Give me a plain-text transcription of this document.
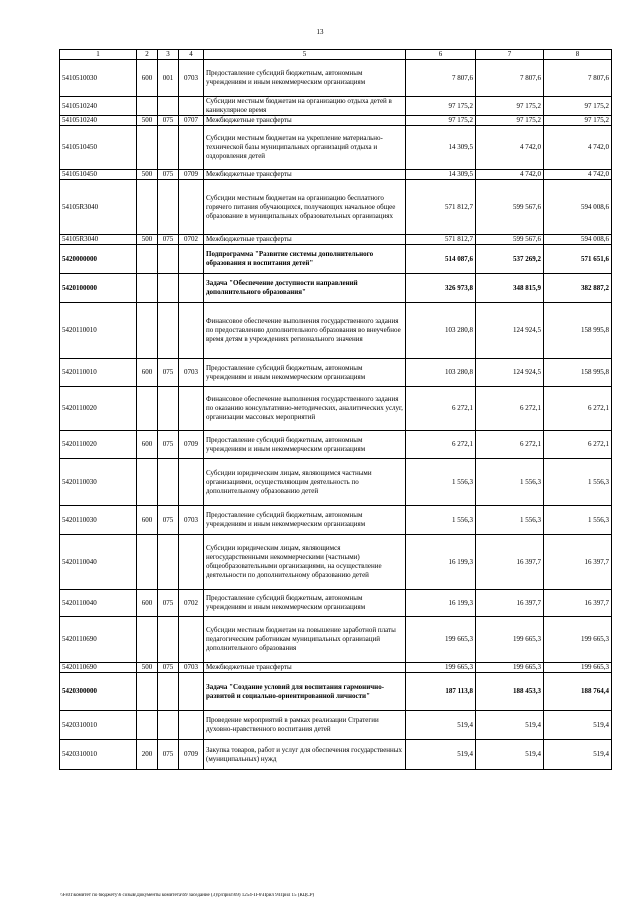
13
1	2	3	4	5	6	7	8
5410510030	600	001	0703	Предоставление субсидий бюджетным, автономным учреждениям и иным некоммерческим организациям	7 807,6	7 807,6	7 807,6
5410510240				Субсидии местным бюджетам на организацию отдыха детей в каникулярное время	97 175,2	97 175,2	97 175,2
5410510240	500	075	0707	Межбюджетные трансферты	97 175,2	97 175,2	97 175,2
5410510450				Субсидии местным бюджетам на укрепление материально-технической базы муниципальных организаций отдыха и оздоровления детей	14 309,5	4 742,0	4 742,0
5410510450	500	075	0709	Межбюджетные трансферты	14 309,5	4 742,0	4 742,0
54105R3040				Субсидии местным бюджетам на организацию бесплатного горячего питания обучающихся, получающих начальное общее образование в муниципальных образовательных организациях	571 812,7	599 567,6	594 008,6
54105R3040	500	075	0702	Межбюджетные трансферты	571 812,7	599 567,6	594 008,6
5420000000				Подпрограмма "Развитие системы дополнительного образования и воспитания детей"	514 087,6	537 269,2	571 651,6
5420100000				Задача "Обеспечение доступности направлений дополнительного образования"	326 973,8	348 815,9	382 887,2
5420110010				Финансовое обеспечение выполнения государственного задания по предоставлению дополнительного образования во внеучебное время детям в учреждениях регионального значения	103 280,8	124 924,5	158 995,8
5420110010	600	075	0703	Предоставление субсидий бюджетным, автономным учреждениям и иным некоммерческим организациям	103 280,8	124 924,5	158 995,8
5420110020				Финансовое обеспечение выполнения государственного задания по оказанию консультативно-методических, аналитических услуг, организации массовых мероприятий	6 272,1	6 272,1	6 272,1
5420110020	600	075	0709	Предоставление субсидий бюджетным, автономным учреждениям и иным некоммерческим организациям	6 272,1	6 272,1	6 272,1
5420110030				Субсидии юридическим лицам, являющимся частными организациями, осуществляющим деятельность по дополнительному образованию детей	1 556,3	1 556,3	1 556,3
5420110030	600	075	0703	Предоставление субсидий бюджетным, автономным учреждениям и иным некоммерческим организациям	1 556,3	1 556,3	1 556,3
5420110040				Субсидии юридическим лицам, являющимся негосударственными некоммерческими (частными) общеобразовательными организациями, на осуществление деятельности по дополнительному образованию детей	16 199,3	16 397,7	16 397,7
5420110040	600	075	0702	Предоставление субсидий бюджетным, автономным учреждениям и иным некоммерческим организациям	16 199,3	16 397,7	16 397,7
5420110690				Субсидии местным бюджетам на повышение заработной платы педагогическим работникам муниципальных организаций дополнительного образования	199 665,3	199 665,3	199 665,3
5420110690	500	075	0703	Межбюджетные трансферты	199 665,3	199 665,3	199 665,3
5420300000				Задача "Создание условий для воспитания гармонично-развитой и социально-ориентированной личности"	187 113,8	188 453,3	188 764,4
5420310010				Проведение мероприятий в рамках реализации Стратегии духовно-нравственного воспитания детей	519,4	519,4	519,4
5420310010	200	075	0709	Закупка товаров, работ и услуг для обеспечения государственных (муниципальных) нужд	519,4	519,4	519,4
\\Fs01\комитет по бюджету\6 созыв\Документы комитета\69 заседание (3)\р\прил\69) 1254-П-6\Прил 9\Прил 15 (КЦСР)
